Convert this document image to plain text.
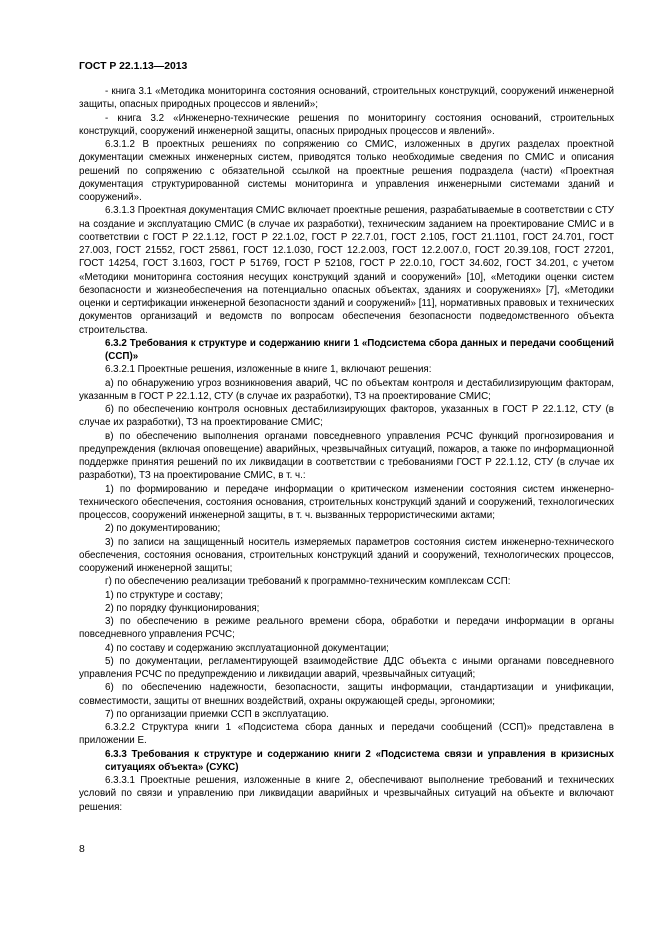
ГОСТ Р 22.1.13—2013

- книга 3.1 «Методика мониторинга состояния оснований, строительных конструкций, сооружений инженерной защиты, опасных природных процессов и явлений»;

- книга 3.2 «Инженерно-технические решения по мониторингу состояния оснований, строительных конструкций, сооружений инженерной защиты, опасных природных процессов и явлений».

6.3.1.2 В проектных решениях по сопряжению со СМИС, изложенных в других разделах проектной документации смежных инженерных систем, приводятся только необходимые сведения по СМИС и описания решений по сопряжению с обязательной ссылкой на проектные решения подраздела (части) «Проектная документация структурированной системы мониторинга и управления инженерными системами зданий и сооружений».

6.3.1.3 Проектная документация СМИС включает проектные решения, разрабатываемые в соответствии с СТУ на создание и эксплуатацию СМИС (в случае их разработки), техническим заданием на проектирование СМИС и в соответствии с ГОСТ Р 22.1.12, ГОСТ Р 22.1.02, ГОСТ Р 22.7.01, ГОСТ 2.105, ГОСТ 21.1101, ГОСТ 24.701, ГОСТ 27.003, ГОСТ 21552, ГОСТ 25861, ГОСТ 12.1.030, ГОСТ 12.2.003, ГОСТ 12.2.007.0, ГОСТ 20.39.108, ГОСТ 27201, ГОСТ 14254, ГОСТ 3.1603, ГОСТ Р 51769, ГОСТ Р 52108, ГОСТ Р 22.0.10, ГОСТ 34.602, ГОСТ 34.201, с учетом «Методики мониторинга состояния несущих конструкций зданий и сооружений» [10], «Методики оценки систем безопасности и жизнеобеспечения на потенциально опасных объектах, зданиях и сооружениях» [7], «Методики оценки и сертификации инженерной безопасности зданий и сооружений» [11], нормативных правовых и технических документов организаций и ведомств по вопросам обеспечения безопасности подведомственного объекта строительства.

6.3.2 Требования к структуре и содержанию книги 1 «Подсистема сбора данных и передачи сообщений (ССП)»

6.3.2.1 Проектные решения, изложенные в книге 1, включают решения:

а) по обнаружению угроз возникновения аварий, ЧС по объектам контроля и дестабилизирующим факторам, указанным в ГОСТ Р 22.1.12, СТУ (в случае их разработки), ТЗ на проектирование СМИС;

б) по обеспечению контроля основных дестабилизирующих факторов, указанных в ГОСТ Р 22.1.12, СТУ (в случае их разработки), ТЗ на проектирование СМИС;

в) по обеспечению выполнения органами повседневного управления РСЧС функций прогнозирования и предупреждения (включая оповещение) аварийных, чрезвычайных ситуаций, пожаров, а также по информационной поддержке принятия решений по их ликвидации в соответствии с требованиями ГОСТ Р 22.1.12, СТУ (в случае их разработки), ТЗ на проектирование СМИС, в т. ч.:

1) по формированию и передаче информации о критическом изменении состояния систем инженерно-технического обеспечения, состояния основания, строительных конструкций зданий и сооружений, технологических процессов, сооружений инженерной защиты, в т. ч. вызванных террористическими актами;

2) по документированию;

3) по записи на защищенный носитель измеряемых параметров состояния систем инженерно-технического обеспечения, состояния основания, строительных конструкций зданий и сооружений, технологических процессов, сооружений инженерной защиты;

г) по обеспечению реализации требований к программно-техническим комплексам ССП:

1) по структуре и составу;

2) по порядку функционирования;

3) по обеспечению в режиме реального времени сбора, обработки и передачи информации в органы повседневного управления РСЧС;

4) по составу и содержанию эксплуатационной документации;

5) по документации, регламентирующей взаимодействие ДДС объекта с иными органами повседневного управления РСЧС по предупреждению и ликвидации аварий, чрезвычайных ситуаций;

6) по обеспечению надежности, безопасности, защиты информации, стандартизации и унификации, совместимости, защиты от внешних воздействий, охраны окружающей среды, эргономики;

7) по организации приемки ССП в эксплуатацию.

6.3.2.2 Структура книги 1 «Подсистема сбора данных и передачи сообщений (ССП)» представлена в приложении Е.

6.3.3 Требования к структуре и содержанию книги 2 «Подсистема связи и управления в кризисных ситуациях объекта» (СУКС)

6.3.3.1 Проектные решения, изложенные в книге 2, обеспечивают выполнение требований и технических условий по связи и управлению при ликвидации аварийных и чрезвычайных ситуаций на объекте и включают решения:

8
